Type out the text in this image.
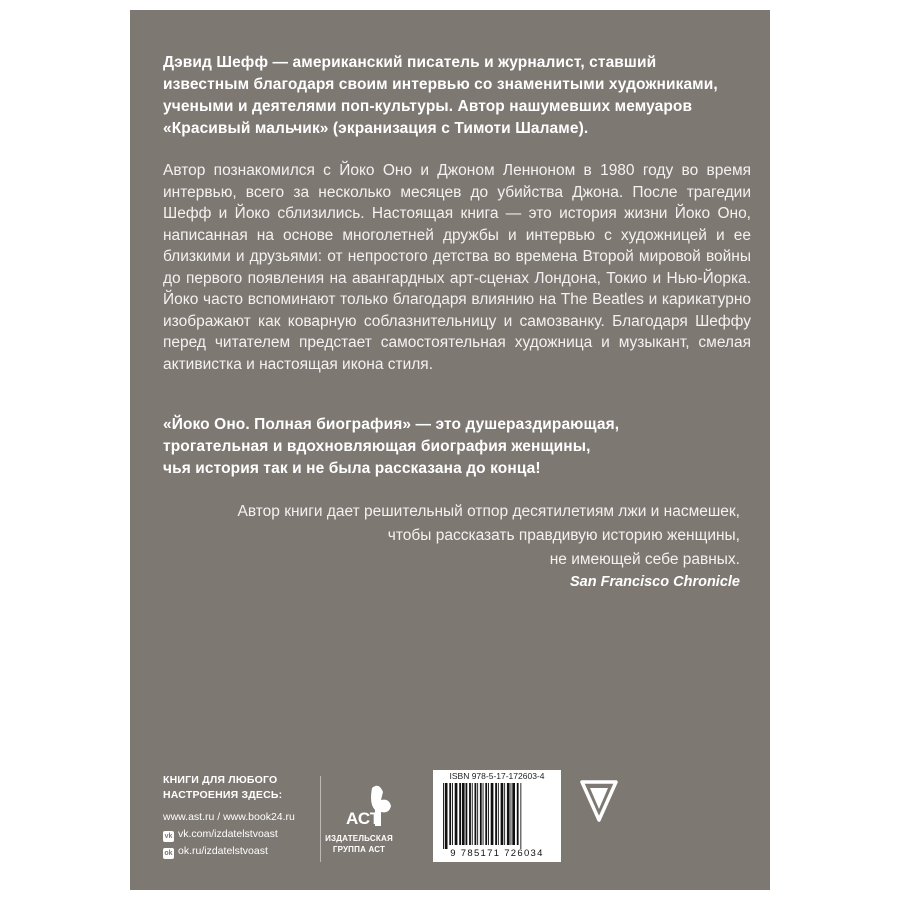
Дэвид Шефф — американский писатель и журналист, ставший

известным благодаря своим интервью со знаменитыми художниками,

учеными и деятелями поп-культуры. Автор нашумевших мемуаров

«Красивый мальчик» (экранизация с Тимоти Шаламе).

Автор познакомился с Йоко Оно и Джоном Ленноном в 1980 году во время интервью, всего за несколько месяцев до убийства Джона. После трагедии Шефф и Йоко сблизились. Настоящая книга — это история жизни Йоко Оно, написанная на основе многолетней дружбы и интервью с художницей и ее близкими и друзьями: от непростого детства во времена Второй мировой войны до первого появления на авангардных арт-сценах Лондона, Токио и Нью-Йорка. Йоко часто вспоминают только благодаря влиянию на The Beatles и карикатурно изображают как коварную соблазнительницу и самозванку. Благодаря Шеффу перед читателем предстает самостоятельная художница и музыкант, смелая активистка и настоящая икона стиля.

«Йоко Оно. Полная биография» — это душераздирающая,

трогательная и вдохновляющая биография женщины,

чья история так и не была рассказана до конца!

Автор книги дает решительный отпор десятилетиям лжи и насмешек,

чтобы рассказать правдивую историю женщины,

не имеющей себе равных.

San Francisco Chronicle

КНИГИ ДЛЯ ЛЮБОГО
НАСТРОЕНИЯ ЗДЕСЬ:

www.ast.ru / www.book24.ru

vk vk.com/izdatelstvoast

ok ok.ru/izdatelstvoast

АСТ

ИЗДАТЕЛЬСКАЯ
ГРУППА АСТ

ISBN 978-5-17-172603-4

9 785171 726034
